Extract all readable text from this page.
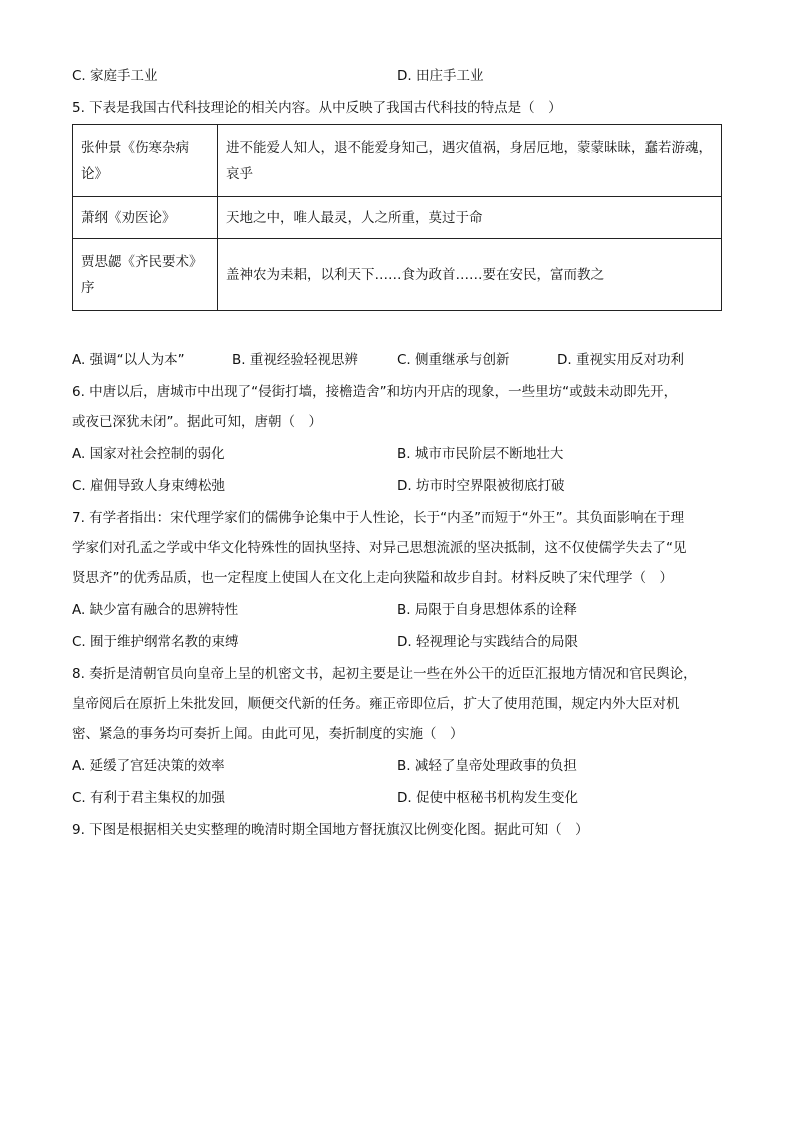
C. 家庭手工业	D. 田庄手工业
5. 下表是我国古代科技理论的相关内容。从中反映了我国古代科技的特点是（　）
张仲景《伤寒杂病论》	进不能爱人知人，退不能爱身知己，遇灾值祸，身居厄地，蒙蒙昧昧，蠢若游魂，哀乎
萧纲《劝医论》	天地之中，唯人最灵，人之所重，莫过于命
贾思勰《齐民要术》序	盖神农为耒耜，以利天下……食为政首……要在安民，富而教之
A. 强调“以人为本”	B. 重视经验轻视思辨	C. 侧重继承与创新	D. 重视实用反对功利
6. 中唐以后，唐城市中出现了“侵街打墙，接檐造舍”和坊内开店的现象，一些里坊“或鼓未动即先开，
或夜已深犹未闭”。据此可知，唐朝（　）
A. 国家对社会控制的弱化	B. 城市市民阶层不断地壮大
C. 雇佣导致人身束缚松弛	D. 坊市时空界限被彻底打破
7. 有学者指出：宋代理学家们的儒佛争论集中于人性论，长于“内圣”而短于“外王”。其负面影响在于理
学家们对孔孟之学或中华文化特殊性的固执坚持、对异己思想流派的坚决抵制，这不仅使儒学失去了“见
贤思齐”的优秀品质，也一定程度上使国人在文化上走向狭隘和故步自封。材料反映了宋代理学（　）
A. 缺少富有融合的思辨特性	B. 局限于自身思想体系的诠释
C. 囿于维护纲常名教的束缚	D. 轻视理论与实践结合的局限
8. 奏折是清朝官员向皇帝上呈的机密文书，起初主要是让一些在外公干的近臣汇报地方情况和官民舆论，
皇帝阅后在原折上朱批发回，顺便交代新的任务。雍正帝即位后，扩大了使用范围，规定内外大臣对机
密、紧急的事务均可奏折上闻。由此可见，奏折制度的实施（　）
A. 延缓了宫廷决策的效率	B. 减轻了皇帝处理政事的负担
C. 有利于君主集权的加强	D. 促使中枢秘书机构发生变化
9. 下图是根据相关史实整理的晚清时期全国地方督抚旗汉比例变化图。据此可知（　）
